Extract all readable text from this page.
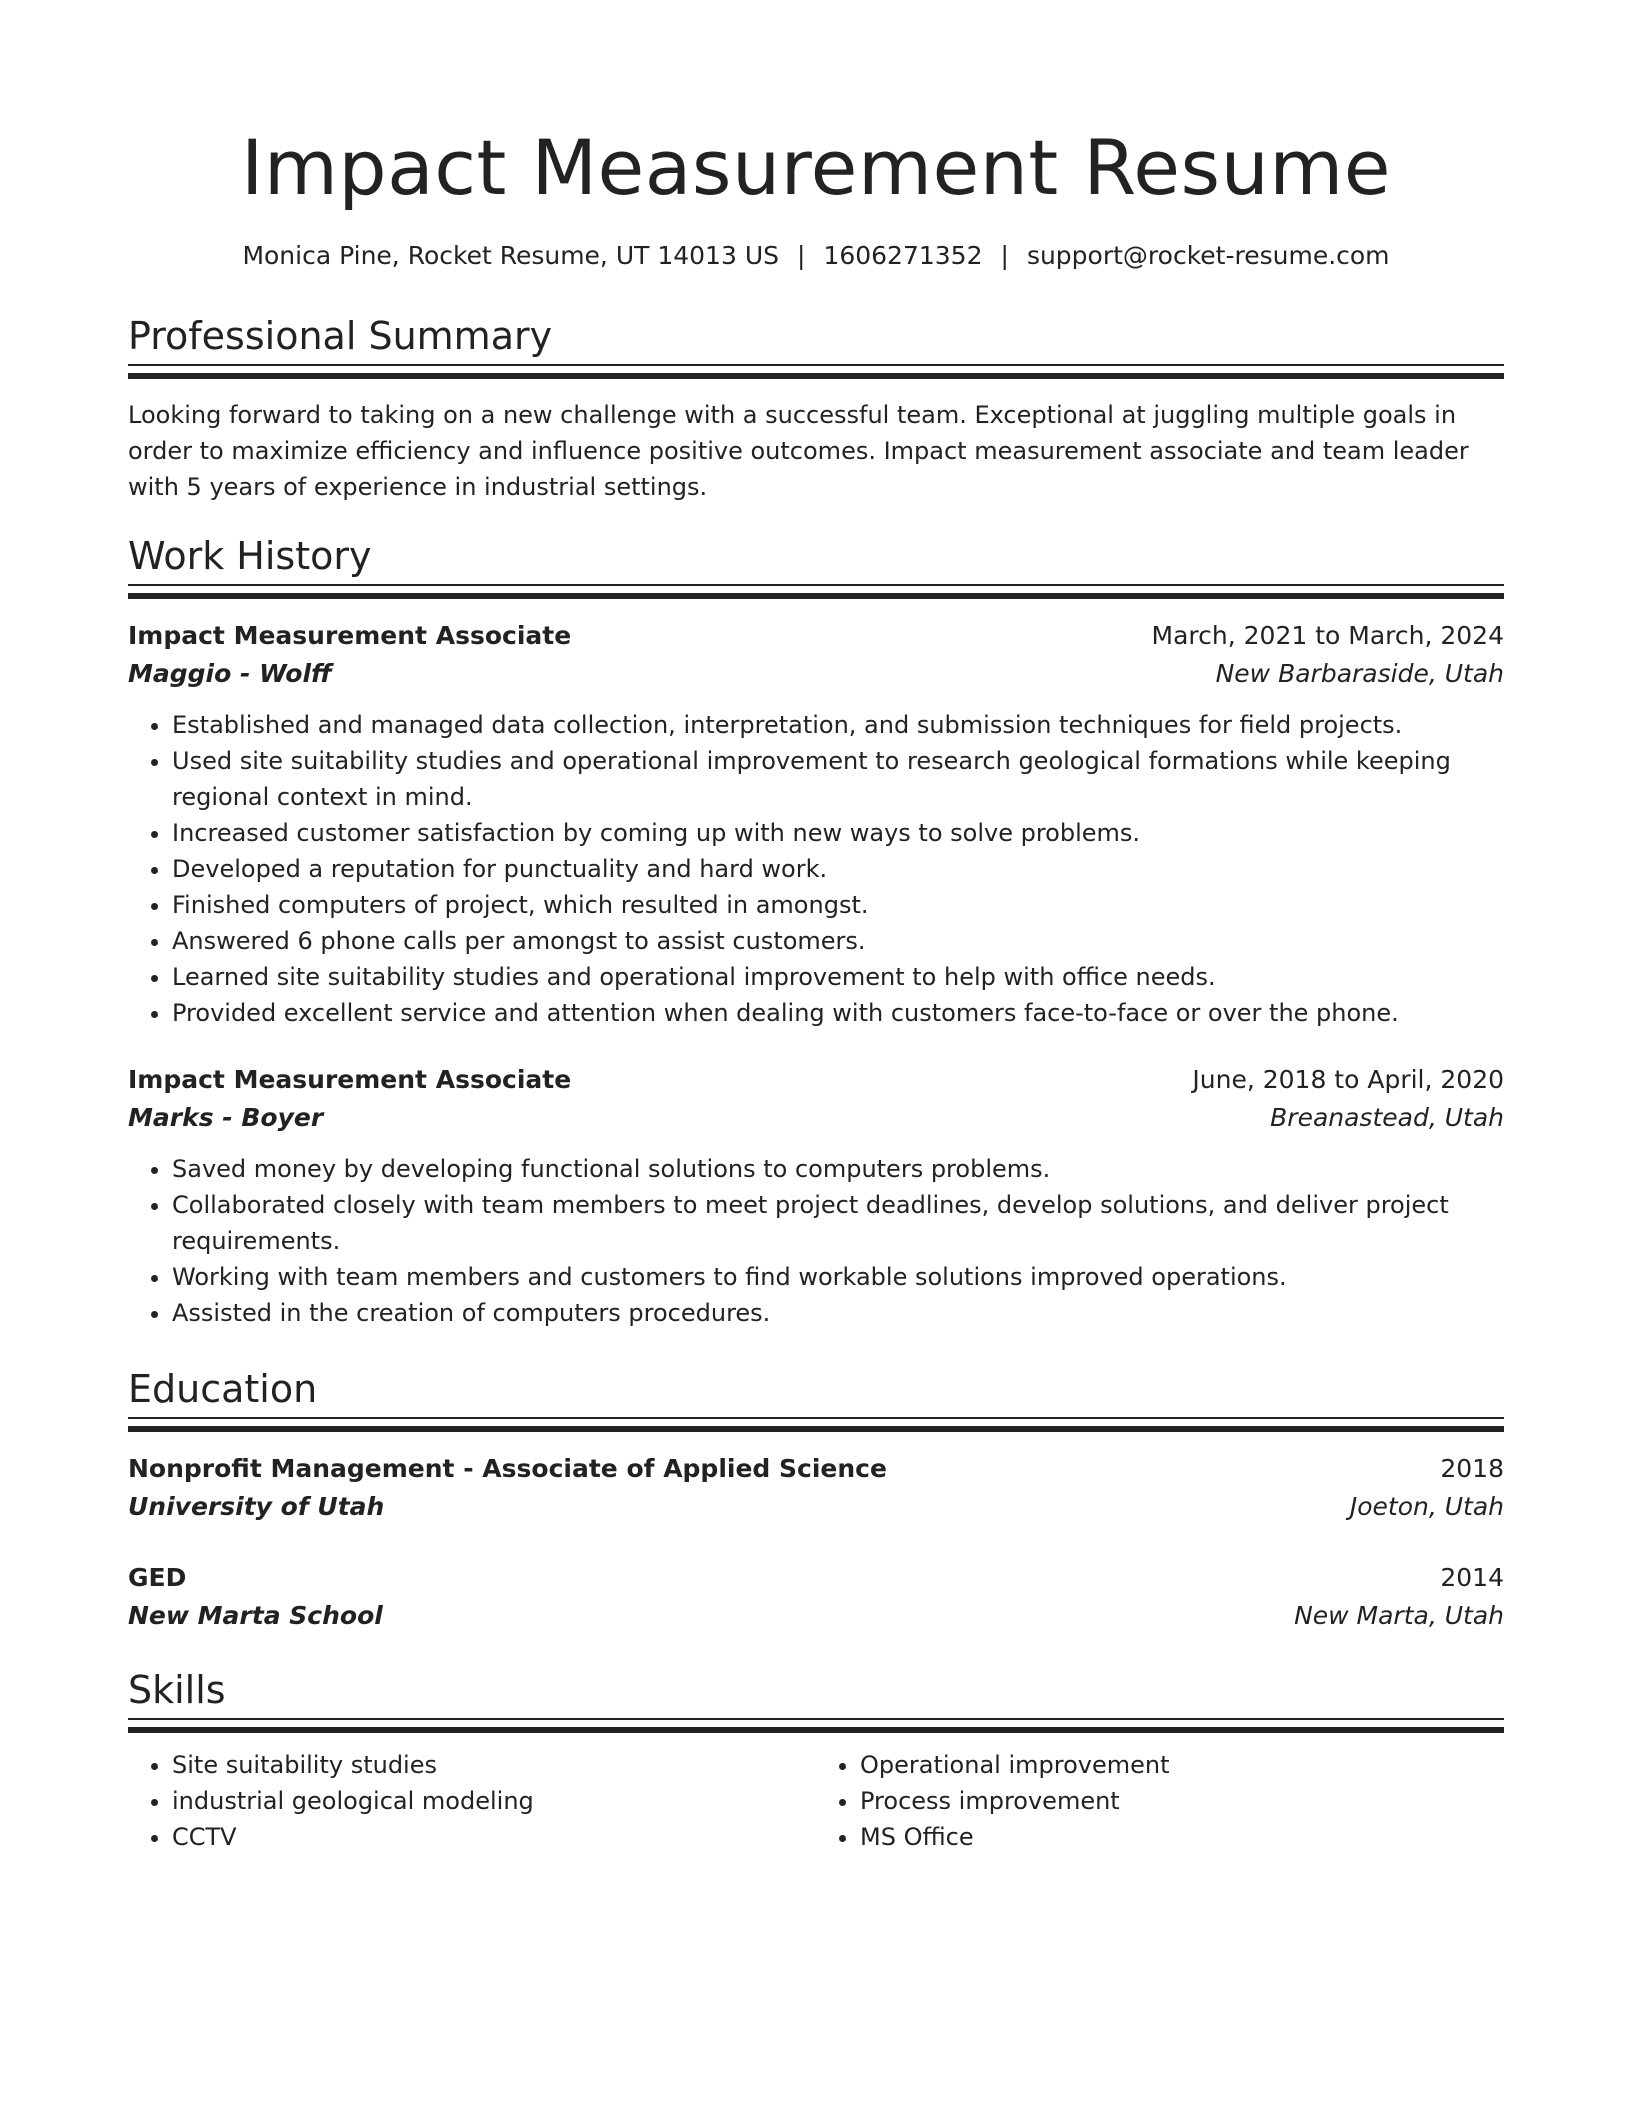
Impact Measurement Resume
Monica Pine, Rocket Resume, UT 14013 US | 1606271352 | support@rocket-resume.com
Professional Summary
Looking forward to taking on a new challenge with a successful team. Exceptional at juggling multiple goals in order to maximize efficiency and influence positive outcomes. Impact measurement associate and team leader with 5 years of experience in industrial settings.
Work History
Impact Measurement Associate	March, 2021 to March, 2024
Maggio - Wolff	New Barbaraside, Utah
• Established and managed data collection, interpretation, and submission techniques for field projects.
• Used site suitability studies and operational improvement to research geological formations while keeping regional context in mind.
• Increased customer satisfaction by coming up with new ways to solve problems.
• Developed a reputation for punctuality and hard work.
• Finished computers of project, which resulted in amongst.
• Answered 6 phone calls per amongst to assist customers.
• Learned site suitability studies and operational improvement to help with office needs.
• Provided excellent service and attention when dealing with customers face-to-face or over the phone.
Impact Measurement Associate	June, 2018 to April, 2020
Marks - Boyer	Breanastead, Utah
• Saved money by developing functional solutions to computers problems.
• Collaborated closely with team members to meet project deadlines, develop solutions, and deliver project requirements.
• Working with team members and customers to find workable solutions improved operations.
• Assisted in the creation of computers procedures.
Education
Nonprofit Management - Associate of Applied Science	2018
University of Utah	Joeton, Utah
GED	2014
New Marta School	New Marta, Utah
Skills
• Site suitability studies
• industrial geological modeling
• CCTV
• Operational improvement
• Process improvement
• MS Office
